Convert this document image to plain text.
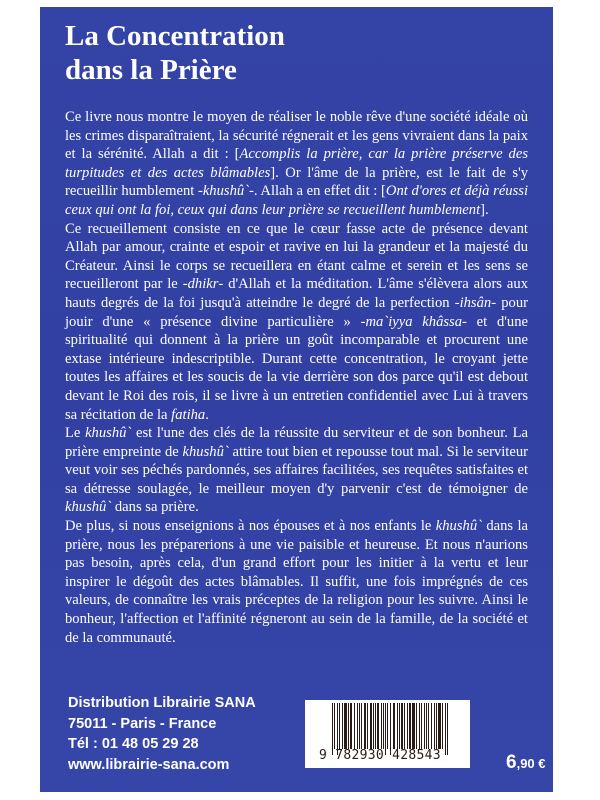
La Concentration
dans la Prière

Ce livre nous montre le moyen de réaliser le noble rêve d'une société idéale où les crimes disparaîtraient, la sécurité régnerait et les gens vivraient dans la paix et la sérénité. Allah a dit : [Accomplis la prière, car la prière préserve des turpitudes et des actes blâmables]. Or l'âme de la prière, est le fait de s'y recueillir humblement -khushû`-. Allah a en effet dit : [Ont d'ores et déjà réussi ceux qui ont la foi, ceux qui dans leur prière se recueillent humblement].

Ce recueillement consiste en ce que le cœur fasse acte de présence devant Allah par amour, crainte et espoir et ravive en lui la grandeur et la majesté du Créateur. Ainsi le corps se recueillera en étant calme et serein et les sens se recueilleront par le -dhikr- d'Allah et la méditation. L'âme s'élèvera alors aux hauts degrés de la foi jusqu'à atteindre le degré de la perfection -ihsân- pour jouir d'une « présence divine particulière » -ma`iyya khâssa- et d'une spiritualité qui donnent à la prière un goût incomparable et procurent une extase intérieure indescriptible. Durant cette concentration, le croyant jette toutes les affaires et les soucis de la vie derrière son dos parce qu'il est debout devant le Roi des rois, il se livre à un entretien confidentiel avec Lui à travers sa récitation de la fatiha.

Le khushû` est l'une des clés de la réussite du serviteur et de son bonheur. La prière empreinte de khushû` attire tout bien et repousse tout mal. Si le serviteur veut voir ses péchés pardonnés, ses affaires facilitées, ses requêtes satisfaites et sa détresse soulagée, le meilleur moyen d'y parvenir c'est de témoigner de khushû` dans sa prière.

De plus, si nous enseignions à nos épouses et à nos enfants le khushû` dans la prière, nous les préparerions à une vie paisible et heureuse. Et nous n'aurions pas besoin, après cela, d'un grand effort pour les initier à la vertu et leur inspirer le dégoût des actes blâmables. Il suffit, une fois imprégnés de ces valeurs, de connaître les vrais préceptes de la religion pour les suivre. Ainsi le bonheur, l'affection et l'affinité régneront au sein de la famille, de la société et de la communauté.

Distribution Librairie SANA
75011 - Paris - France
Tél : 01 48 05 29 28
www.librairie-sana.com
9 782930 428543	6,90 €
